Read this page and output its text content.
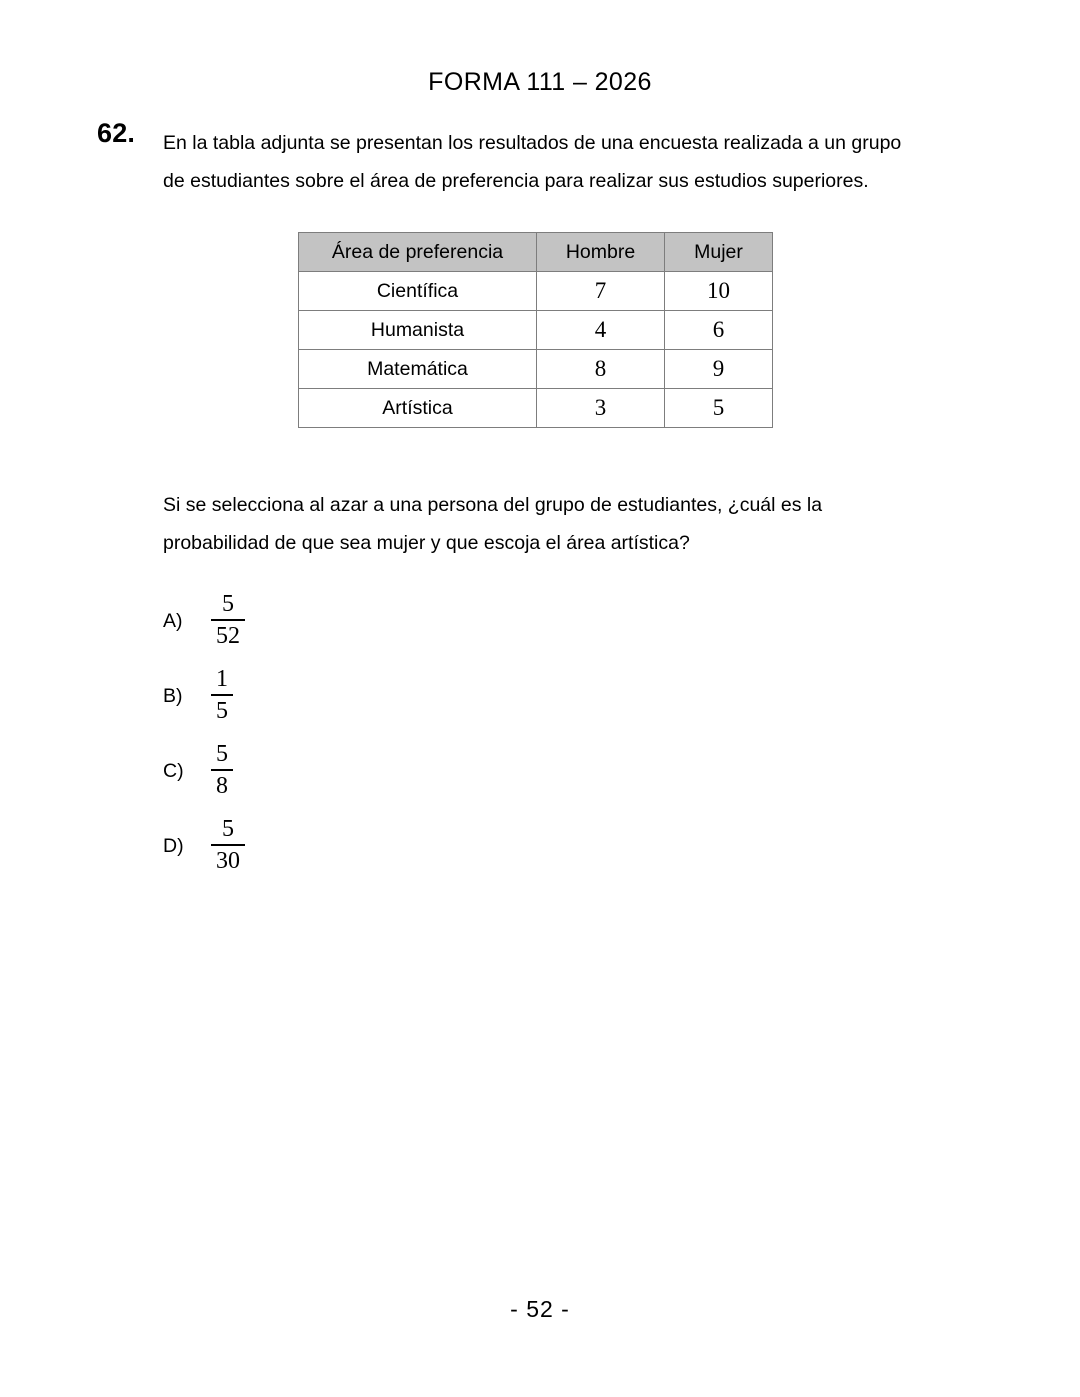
FORMA 111 – 2026
62. En la tabla adjunta se presentan los resultados de una encuesta realizada a un grupo
de estudiantes sobre el área de preferencia para realizar sus estudios superiores.
Área de preferencia	Hombre	Mujer
Científica	7	10
Humanista	4	6
Matemática	8	9
Artística	3	5
Si se selecciona al azar a una persona del grupo de estudiantes, ¿cuál es la
probabilidad de que sea mujer y que escoja el área artística?
A)
5
52
B)
1
5
C)
5
8
D)
5
30
- 52 -
